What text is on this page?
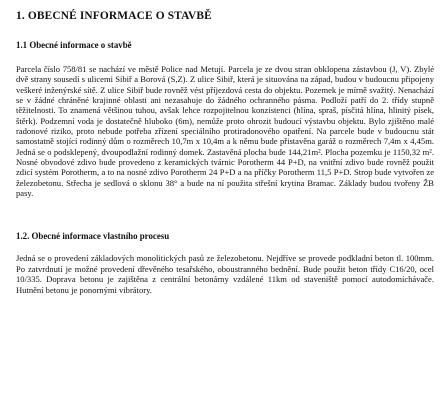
1. OBECNÉ INFORMACE O STAVBĚ
1.1 Obecné informace o stavbě

Parcela číslo 758/81 se nachází ve městě Police nad Metují. Parcela je ze dvou stran obklopena zástavbou (J, V). Zbylé dvě strany sousedí s ulicemi Sibiř a Borová (S,Z). Z ulice Sibiř, která je situována na západ, budou v budoucnu připojeny veškeré inženýrské sítě. Z ulice Sibiř bude rovněž vést příjezdová cesta do objektu. Pozemek je mírně svažitý. Nenachází se v žádné chráněné krajinné oblasti ani nezasahuje do žádného ochranného pásma. Podloží patří do 2. třídy stupně těžitelnosti. To znamená většinou tuhou, avšak lehce rozpojitelnou konzistenci (hlína, spraš, písčitá hlína, hlinitý písek, štěrk). Podzemní voda je dostatečně hluboko (6m), nemůže proto ohrozit budoucí výstavbu objektu. Bylo zjištěno malé radonové riziko, proto nebude potřeba zřízení speciálního protiradonového opatření. Na parcele bude v budoucnu stát samostatně stojící rodinný dům o rozměrech 10,7m x 10,4m a k němu bude přistavěna garáž o rozměrech 7,4m x 4,45m. Jedná se o podsklepený, dvoupodlažní rodinný domek. Zastavěná plocha bude 144,21m². Plocha pozemku je 1150,32 m². Nosné obvodové zdivo bude provedeno z keramických tvárnic Porotherm 44 P+D, na vnitřní zdivo bude rovněž použit zdicí systém Porotherm, a to na nosné zdivo Porotherm 24 P+D a na příčky Porotherm 11,5 P+D. Strop bude vytvořen ze železobetonu. Střecha je sedlová o sklonu 38° a bude na ní použita střešní krytina Bramac. Základy budou tvořeny ŽB pasy.

1.2. Obecné informace vlastního procesu

Jedná se o provedení základových monolitických pasů ze železobetonu. Nejdříve se provede podkladní beton tl. 100mm. Po zatvrdnutí je možné provedení dřevěného tesařského, oboustranného bednění. Bude použit beton třídy C16/20, ocel 10/335. Doprava betonu je zajištěna z centrální betonárny vzdálené 11km od staveniště pomocí autodomíchávače. Hutnění betonu je ponornými vibrátory.
